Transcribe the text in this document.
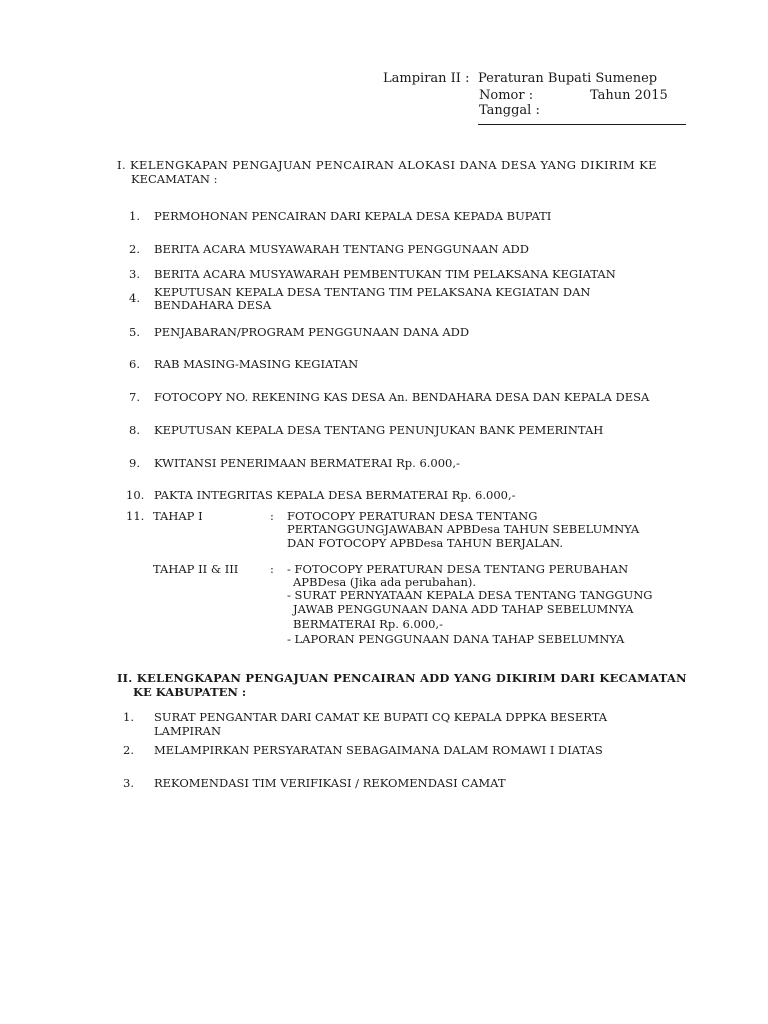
Lampiran II : Peraturan Bupati Sumenep
Nomor :	Tahun 2015
Tanggal :
I. KELENGKAPAN PENGAJUAN PENCAIRAN ALOKASI DANA DESA YANG DIKIRIM KE
KECAMATAN :
1. PERMOHONAN PENCAIRAN DARI KEPALA DESA KEPADA BUPATI
2. BERITA ACARA MUSYAWARAH TENTANG PENGGUNAAN ADD
3. BERITA ACARA MUSYAWARAH PEMBENTUKAN TIM PELAKSANA KEGIATAN
4. KEPUTUSAN KEPALA DESA TENTANG TIM PELAKSANA KEGIATAN DAN
BENDAHARA DESA
5. PENJABARAN/PROGRAM PENGGUNAAN DANA ADD
6. RAB MASING-MASING KEGIATAN
7. FOTOCOPY NO. REKENING KAS DESA An. BENDAHARA DESA DAN KEPALA DESA
8. KEPUTUSAN KEPALA DESA TENTANG PENUNJUKAN BANK PEMERINTAH
9. KWITANSI PENERIMAAN BERMATERAI Rp. 6.000,-
10. PAKTA INTEGRITAS KEPALA DESA BERMATERAI Rp. 6.000,-
11. TAHAP I	: FOTOCOPY PERATURAN DESA TENTANG
PERTANGGUNGJAWABAN APBDesa TAHUN SEBELUMNYA
DAN FOTOCOPY APBDesa TAHUN BERJALAN.
TAHAP II & III	: - FOTOCOPY PERATURAN DESA TENTANG PERUBAHAN
APBDesa (Jika ada perubahan).
- SURAT PERNYATAAN KEPALA DESA TENTANG TANGGUNG
JAWAB PENGGUNAAN DANA ADD TAHAP SEBELUMNYA
BERMATERAI Rp. 6.000,-
- LAPORAN PENGGUNAAN DANA TAHAP SEBELUMNYA
II. KELENGKAPAN PENGAJUAN PENCAIRAN ADD YANG DIKIRIM DARI KECAMATAN
KE KABUPATEN :
1. SURAT PENGANTAR DARI CAMAT KE BUPATI CQ KEPALA DPPKA BESERTA
LAMPIRAN
2. MELAMPIRKAN PERSYARATAN SEBAGAIMANA DALAM ROMAWI I DIATAS
3. REKOMENDASI TIM VERIFIKASI / REKOMENDASI CAMAT
